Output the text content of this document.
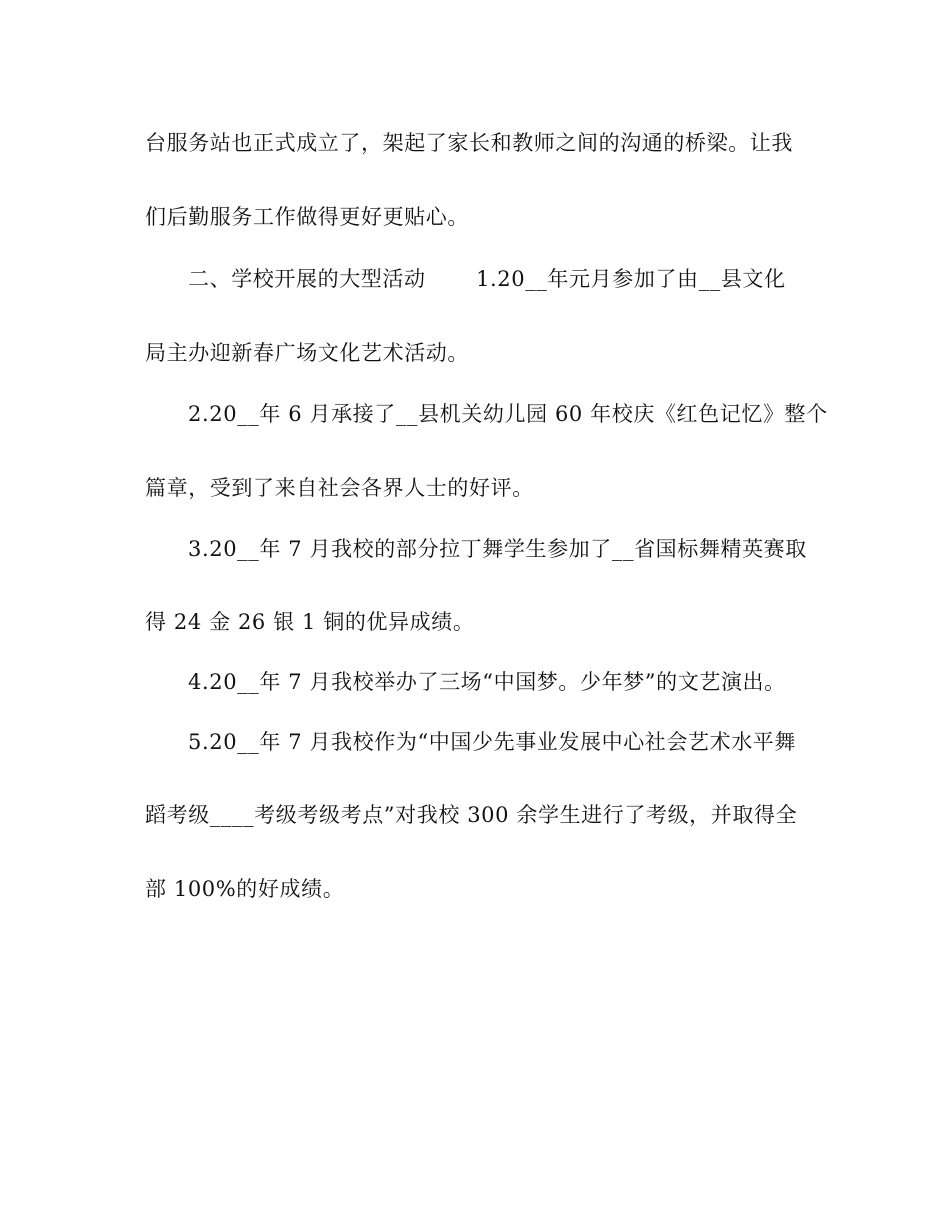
台服务站也正式成立了，架起了家长和教师之间的沟通的桥梁。让我
们后勤服务工作做得更好更贴心。
二、学校开展的大型活动　　 1.20__年元月参加了由__县文化
局主办迎新春广场文化艺术活动。
2.20__年 6 月承接了__县机关幼儿园 60 年校庆《红色记忆》整个
篇章，受到了来自社会各界人士的好评。
3.20__年 7 月我校的部分拉丁舞学生参加了__省国标舞精英赛取
得 24 金 26 银 1 铜的优异成绩。
4.20__年 7 月我校举办了三场“中国梦。少年梦”的文艺演出。
5.20__年 7 月我校作为“中国少先事业发展中心社会艺术水平舞
蹈考级____考级考级考点”对我校 300 余学生进行了考级，并取得全
部 100%的好成绩。
